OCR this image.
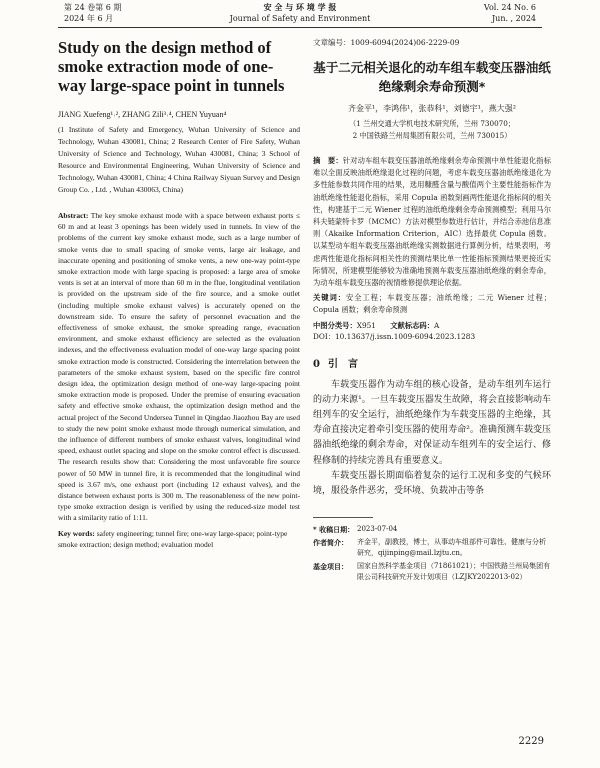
第 24 卷第 6 期
2024 年 6 月
安 全 与 环 境 学 报
Journal of Safety and Environment
Vol. 24 No. 6
Jun. , 2024
Study on the design method of smoke extraction mode of one-way large-space point in tunnels
JIANG Xuefeng¹˒², ZHANG Zili³˒⁴, CHEN Yuyuan⁴
(1 Institute of Safety and Emergency, Wuhan University of Science and Technology, Wuhan 430081, China; 2 Research Center of Fire Safety, Wuhan University of Science and Technology, Wuhan 430081, China; 3 School of Resource and Environmental Engineering, Wuhan University of Science and Technology, Wuhan 430081, China; 4 China Railway Siyuan Survey and Design Group Co. , Ltd. , Wuhan 430063, China)
Abstract: The key smoke exhaust mode with a space between exhaust ports ≤ 60 m and at least 3 openings has been widely used in tunnels. In view of the problems of the current key smoke exhaust mode, such as a large number of smoke vents due to small spacing of smoke vents, large air leakage, and inaccurate opening and positioning of smoke vents, a new one-way point-type smoke extraction mode with large spacing is proposed: a large area of smoke vents is set at an interval of more than 60 m in the flue, longitudinal ventilation is provided on the upstream side of the fire source, and a smoke outlet (including multiple smoke exhaust valves) is accurately opened on the downstream side. To ensure the safety of personnel evacuation and the effectiveness of smoke exhaust, the smoke spreading range, evacuation environment, and smoke exhaust efficiency are selected as the evaluation indexes, and the effectiveness evaluation model of one-way large spacing point smoke extraction mode is constructed. Considering the interrelation between the parameters of the smoke exhaust system, based on the specific fire control design idea, the optimization design method of one-way large-spacing point smoke extraction mode is proposed. Under the premise of ensuring evacuation safety and effective smoke exhaust, the optimization design method and the actual project of the Second Undersea Tunnel in Qingdao Jiaozhou Bay are used to study the new point smoke exhaust mode through numerical simulation, and the influence of different numbers of smoke exhaust valves, longitudinal wind speed, exhaust outlet spacing and slope on the smoke control effect is discussed. The research results show that: Considering the most unfavorable fire source power of 50 MW in tunnel fire, it is recommended that the longitudinal wind speed is 3.67 m/s, one exhaust port (including 12 exhaust valves), and the distance between exhaust ports is 300 m. The reasonableness of the new point-type smoke extraction design is verified by using the reduced-size model test with a similarity ratio of 1:11.
Key words: safety engineering; tunnel fire; one-way large-space; point-type smoke extraction; design method; evaluation model
文章编号：1009-6094(2024)06-2229-09
基于二元相关退化的动车组车载变压器油纸绝缘剩余寿命预测*
齐金平¹，李鸿伟¹，张恭科¹，刘德宇¹，燕大强²
（1 兰州交通大学机电技术研究所，兰州 730070；
2 中国铁路兰州局集团有限公司，兰州 730015）
摘　要：针对动车组车载变压器油纸绝缘剩余寿命预测中单性能退化指标难以全面反映油纸绝缘退化过程的问题，考虑车载变压器油纸绝缘退化为多性能参数共同作用的结果，选用糠醛含量与酸值两个主要性能指标作为油纸绝缘性能退化指标，采用 Copula 函数刻画两性能退化指标间的相关性，构建基于二元 Wiener 过程的油纸绝缘剩余寿命预测模型；利用马尔科夫链蒙特卡罗（MCMC）方法对模型参数进行估计，并结合赤池信息准则（Akaike Information Criterion，AIC）选择最优 Copula 函数。以某型动车组车载变压器油纸绝缘实测数据进行算例分析，结果表明，考虑两性能退化指标间相关性的预测结果比单一性能指标预测结果更接近实际情况，所建模型能够较为准确地预测车载变压器油纸绝缘的剩余寿命，为动车组车载变压器的视情维修提供理论依据。
关键词：安全工程；车载变压器；油纸绝缘；二元 Wiener 过程；Copula 函数；剩余寿命预测
中图分类号：X951 文献标志码：A
DOI：10.13637/j.issn.1009-6094.2023.1283
0 引　言
车载变压器作为动车组的核心设备，是动车组列车运行的动力来源¹。一旦车载变压器发生故障，将会直接影响动车组列车的安全运行，油纸绝缘作为车载变压器的主绝缘，其寿命直接决定着牵引变压器的使用寿命²。准确预测车载变压器油纸绝缘的剩余寿命，对保证动车组列车的安全运行、修程修制的持续完善具有重要意义。
车载变压器长期面临着复杂的运行工况和多变的气候环境，服役条件恶劣，受环境、负载冲击等条
* 收稿日期： 2023-07-04
作者简介：	齐金平，副教授，博士，从事动车组部件可靠性、健康与分析研究，qijinping@mail.lzjtu.cn。
基金项目：	国家自然科学基金项目（71861021）；中国铁路兰州局集团有限公司科技研究开发计划项目（LZJKY2022013-02）
2229
